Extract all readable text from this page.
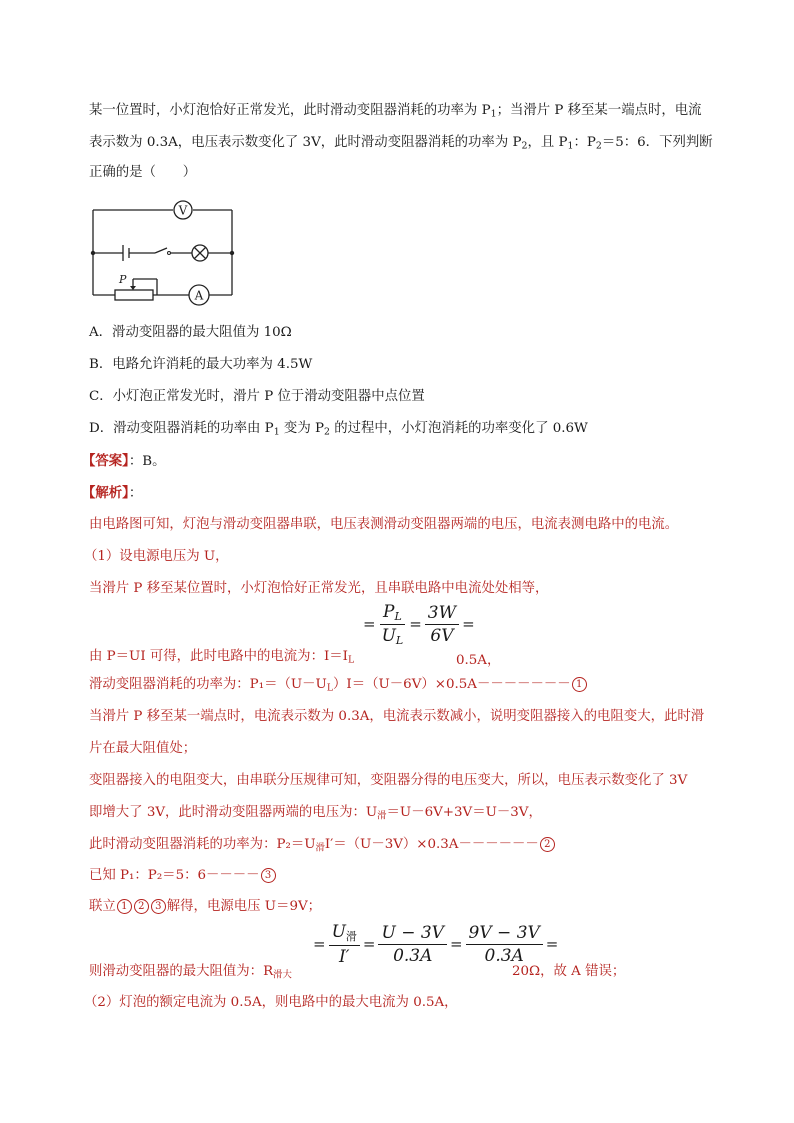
某一位置时，小灯泡恰好正常发光，此时滑动变阻器消耗的功率为 $P_1$；当滑片 P 移至某一端点时，电流
表示数为 0.3A，电压表示数变化了 3V，此时滑动变阻器消耗的功率为 $P_2$，且 $P_1$：$P_2=5$：6．下列判断
正确的是（　　）
V
A
P
A．滑动变阻器的最大阻值为 10Ω
B．电路允许消耗的最大功率为 4.5W
C．小灯泡正常发光时，滑片 P 位于滑动变阻器中点位置
D．滑动变阻器消耗的功率由 $P_1$ 变为 $P_2$ 的过程中，小灯泡消耗的功率变化了 0.6W
【答案】：B。
【解析】：
由电路图可知，灯泡与滑动变阻器串联，电压表测滑动变阻器两端的电压，电流表测电路中的电流。
（1）设电源电压为 U，
当滑片 P 移至某位置时，小灯泡恰好正常发光，且串联电路中电流处处相等，
= $\frac{P_L}{U_L} = \frac{3W}{6V}$ =
由 P＝UI 可得，此时电路中的电流为：$I=I_L$	0.5A，
滑动变阻器消耗的功率为：$P_1=(U-U_L)I=(U-6V)\times 0.5A------- 1$
当滑片 P 移至某一端点时，电流表示数为 0.3A，电流表示数减小，说明变阻器接入的电阻变大，此时滑
片在最大阻值处；
变阻器接入的电阻变大，由串联分压规律可知，变阻器分得的电压变大，所以，电压表示数变化了 3V
即增大了 3V，此时滑动变阻器两端的电压为：$U_滑=U-6V+3V=U-3V$，
此时滑动变阻器消耗的功率为：$P_2=U_滑I'=(U-3V)\times 0.3A------ 2$
已知 P₁：P₂＝5：6－－－－ 3
联立 1 2 3 解得，电源电压 U＝9V；
= $\frac{U_滑}{I'} = \frac{U - 3V}{0.3A} = \frac{9V - 3V}{0.3A}$ =
则滑动变阻器的最大阻值为：$R_{滑大}$	20Ω，故 A 错误；
（2）灯泡的额定电流为 0.5A，则电路中的最大电流为 0.5A，
